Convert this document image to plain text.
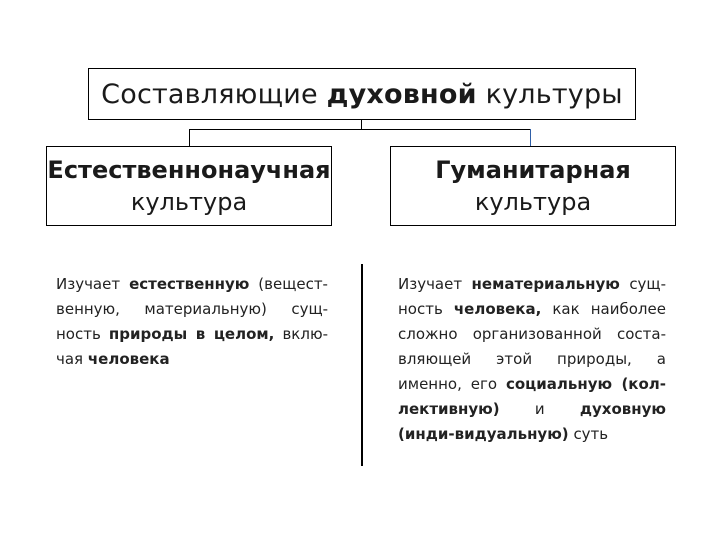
Составляющие духовной культуры
Естественнонаучная
культура
Гуманитарная
культура
Изучает естественную (вещест-венную, материальную) сущ-ность природы в целом, вклю-чая человека
Изучает нематериальную сущ-ность человека, как наиболее сложно организованной соста-вляющей этой природы, а именно, его социальную (кол-лективную) и духовную (инди-видуальную) суть
